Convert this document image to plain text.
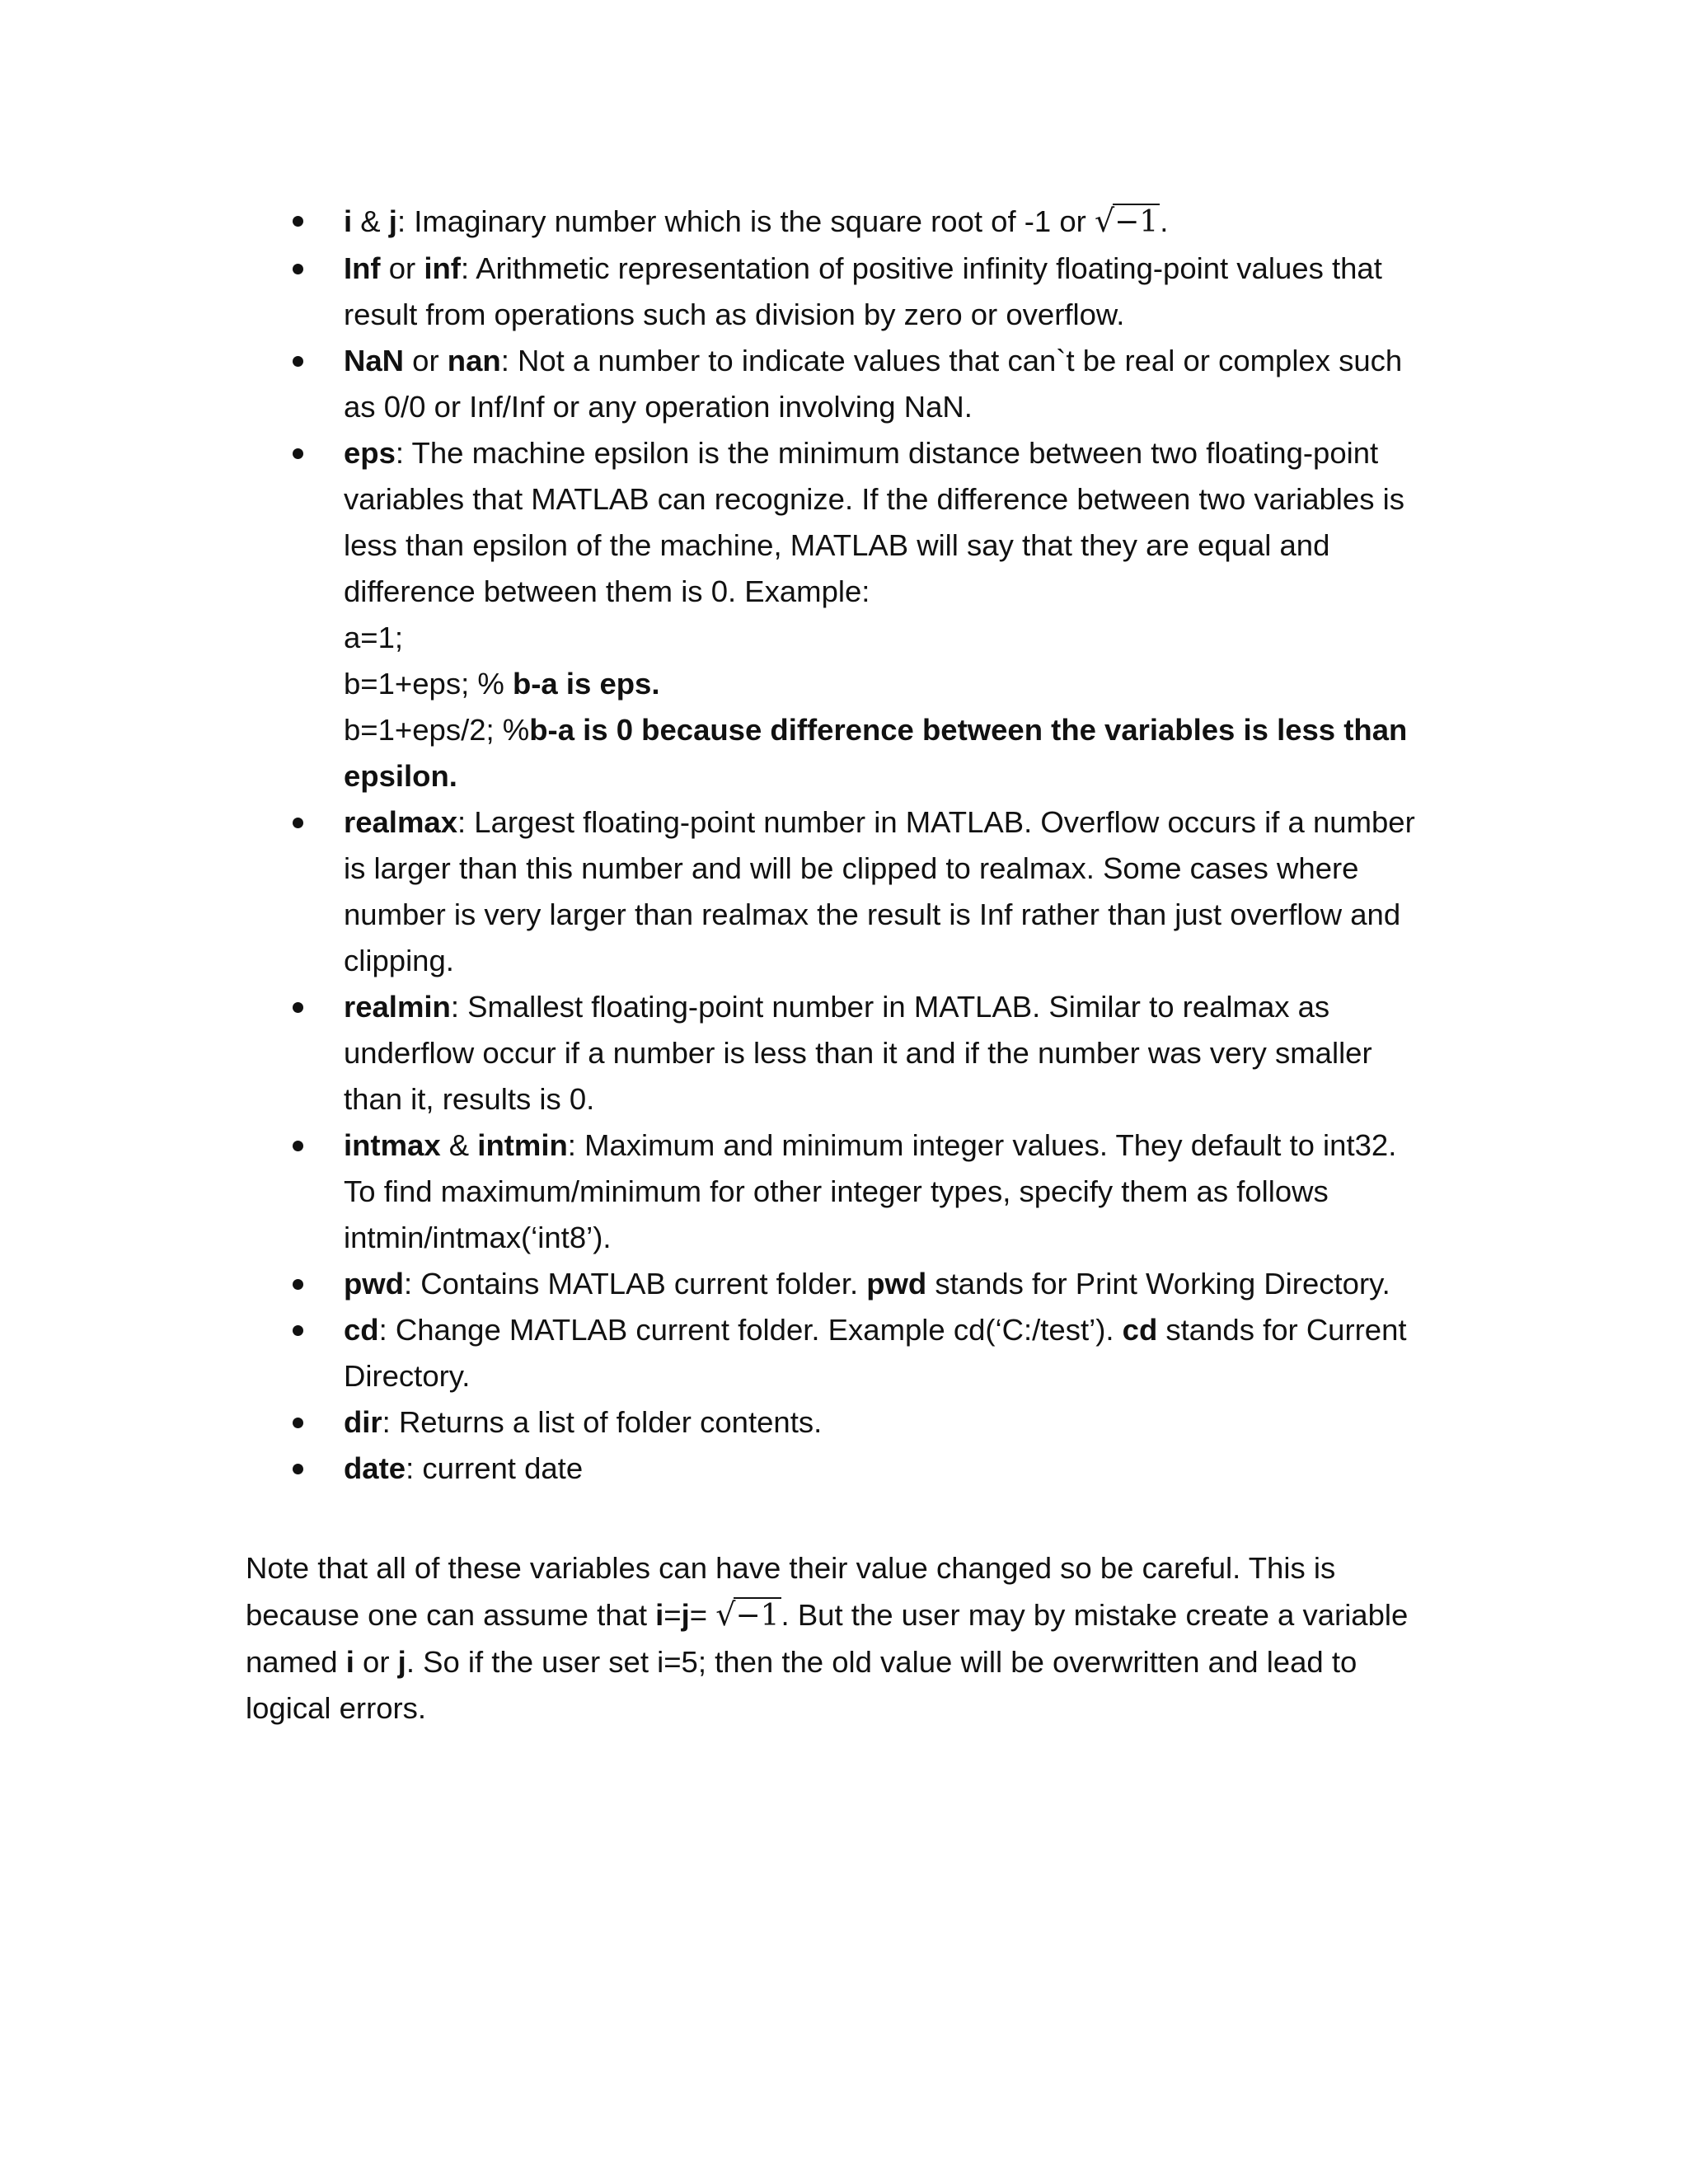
i & j: Imaginary number which is the square root of -1 or √−1.
Inf or inf: Arithmetic representation of positive infinity floating-point values that
result from operations such as division by zero or overflow.
NaN or nan: Not a number to indicate values that can`t be real or complex such
as 0/0 or Inf/Inf or any operation involving NaN.
eps: The machine epsilon is the minimum distance between two floating-point
variables that MATLAB can recognize. If the difference between two variables is
less than epsilon of the machine, MATLAB will say that they are equal and
difference between them is 0. Example:
a=1;
b=1+eps; % b-a is eps.
b=1+eps/2; %b-a is 0 because difference between the variables is less than
epsilon.
realmax: Largest floating-point number in MATLAB. Overflow occurs if a number
is larger than this number and will be clipped to realmax. Some cases where
number is very larger than realmax the result is Inf rather than just overflow and
clipping.
realmin: Smallest floating-point number in MATLAB. Similar to realmax as
underflow occur if a number is less than it and if the number was very smaller
than it, results is 0.
intmax & intmin: Maximum and minimum integer values. They default to int32.
To find maximum/minimum for other integer types, specify them as follows
intmin/intmax(‘int8’).
pwd: Contains MATLAB current folder. pwd stands for Print Working Directory.
cd: Change MATLAB current folder. Example cd(‘C:/test’). cd stands for Current
Directory.
dir: Returns a list of folder contents.
date: current date
Note that all of these variables can have their value changed so be careful. This is
because one can assume that i=j= √−1. But the user may by mistake create a variable
named i or j. So if the user set i=5; then the old value will be overwritten and lead to
logical errors.
